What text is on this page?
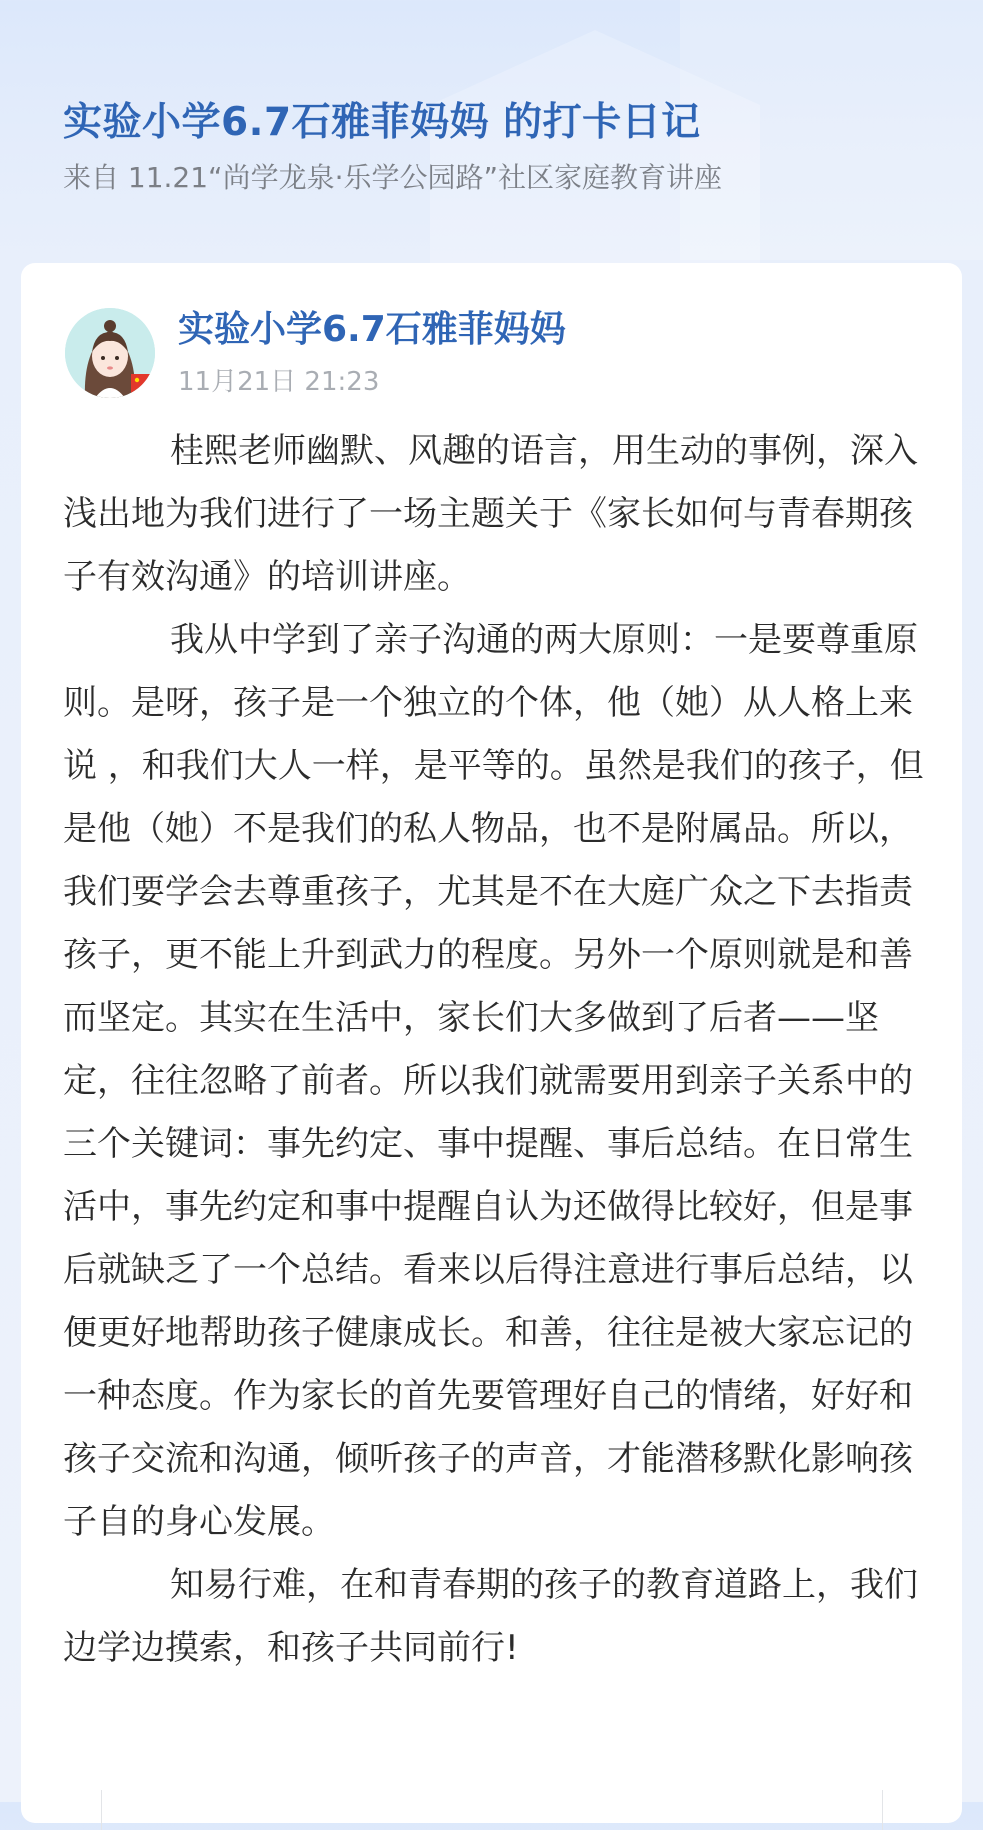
实验小学6.7石雅菲妈妈 的打卡日记
来自 11.21“尚学龙泉·乐学公园路”社区家庭教育讲座
实验小学6.7石雅菲妈妈
11月21日 21:23

桂熙老师幽默、风趣的语言，用生动的事例，深入浅出地为我们进行了一场主题关于《家长如何与青春期孩子有效沟通》的培训讲座。

我从中学到了亲子沟通的两大原则：一是要尊重原则。是呀，孩子是一个独立的个体，他（她）从人格上来说 ，和我们大人一样，是平等的。虽然是我们的孩子，但是他（她）不是我们的私人物品，也不是附属品。所以，我们要学会去尊重孩子，尤其是不在大庭广众之下去指责孩子，更不能上升到武力的程度。另外一个原则就是和善而坚定。其实在生活中，家长们大多做到了后者——坚定，往往忽略了前者。所以我们就需要用到亲子关系中的三个关键词：事先约定、事中提醒、事后总结。在日常生活中，事先约定和事中提醒自认为还做得比较好，但是事后就缺乏了一个总结。看来以后得注意进行事后总结，以便更好地帮助孩子健康成长。和善，往往是被大家忘记的一种态度。作为家长的首先要管理好自己的情绪，好好和孩子交流和沟通，倾听孩子的声音，才能潜移默化影响孩子自的身心发展。

知易行难，在和青春期的孩子的教育道路上，我们边学边摸索，和孩子共同前行!
